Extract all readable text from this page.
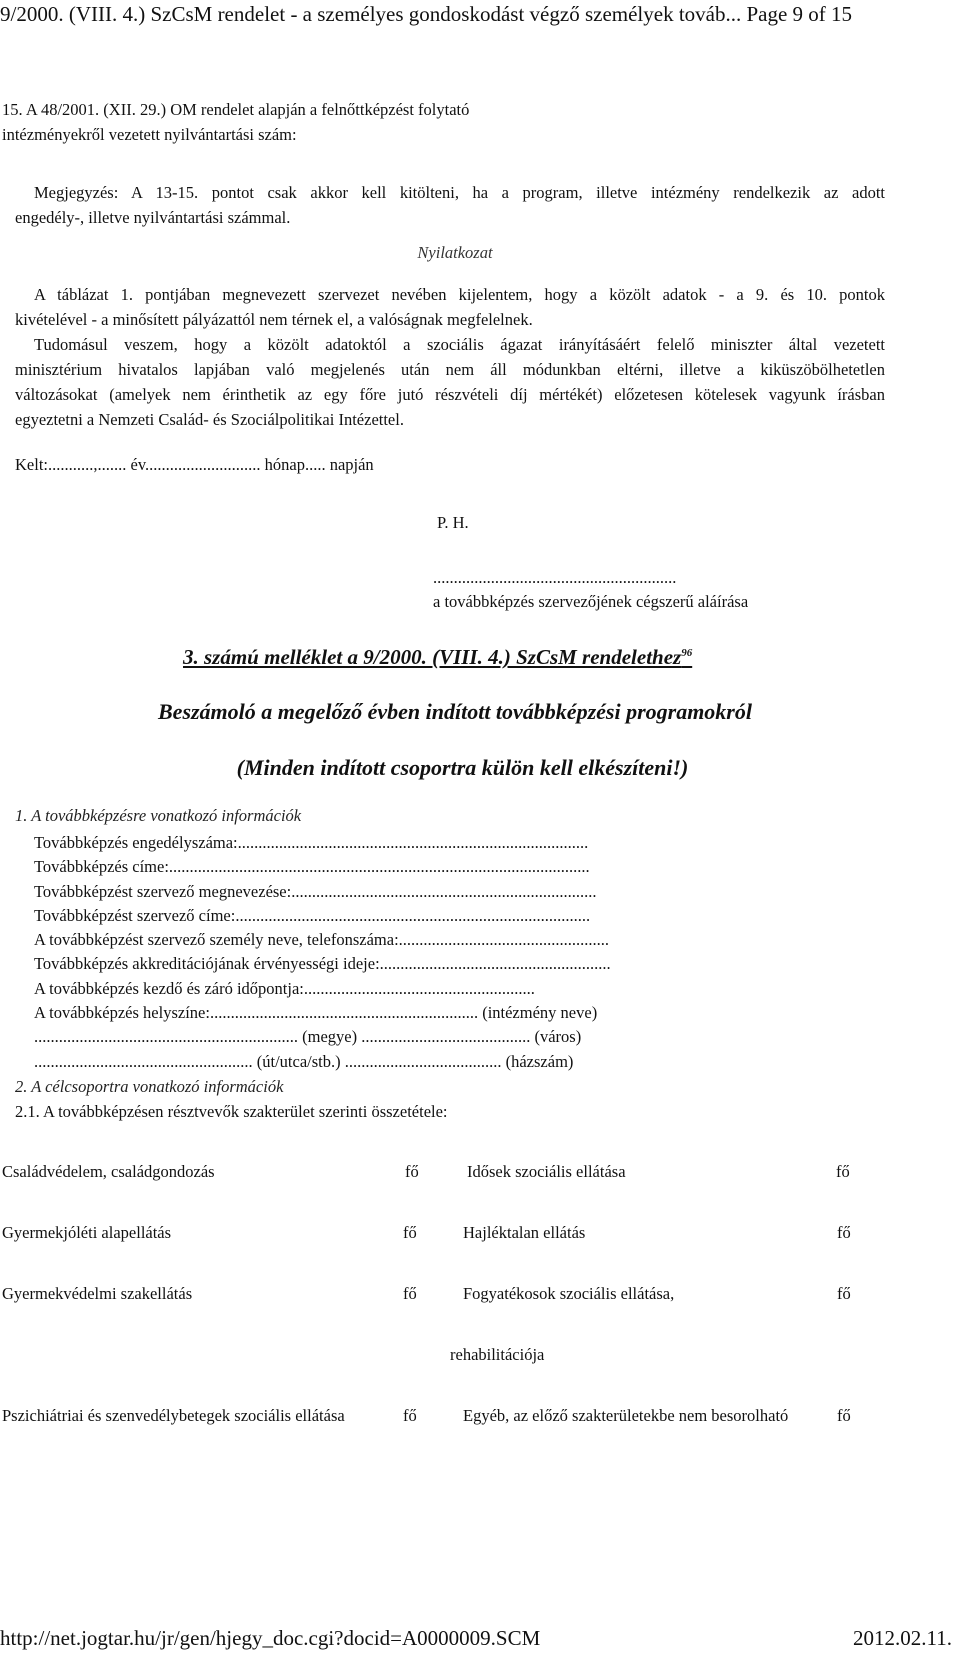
9/2000. (VIII. 4.) SzCsM rendelet - a személyes gondoskodást végző személyek továb... Page 9 of 15
15. A 48/2001. (XII. 29.) OM rendelet alapján a felnőttképzést folytató
intézményekről vezetett nyilvántartási szám:
Megjegyzés: A 13-15. pontot csak akkor kell kitölteni, ha a program, illetve intézmény rendelkezik az adott
engedély-, illetve nyilvántartási számmal.
Nyilatkozat
A táblázat 1. pontjában megnevezett szervezet nevében kijelentem, hogy a közölt adatok - a 9. és 10. pontok
kivételével - a minősített pályázattól nem térnek el, a valóságnak megfelelnek.
Tudomásul veszem, hogy a közölt adatoktól a szociális ágazat irányításáért felelő miniszter által vezetett
minisztérium hivatalos lapjában való megjelenés után nem áll módunkban eltérni, illetve a kiküszöbölhetetlen
változásokat (amelyek nem érinthetik az egy főre jutó részvételi díj mértékét) előzetesen kötelesek vagyunk írásban
egyeztetni a Nemzeti Család- és Szociálpolitikai Intézettel.
Kelt:...........,....... év............................ hónap..... napján
P. H.
...........................................................
a továbbképzés szervezőjének cégszerű aláírása
3. számú melléklet a 9/2000. (VIII. 4.) SzCsM rendelethez$^{96}$
Beszámoló a megelőző évben indított továbbképzési programokról
(Minden indított csoportra külön kell elkészíteni!)
1. A továbbképzésre vonatkozó információk
Továbbképzés engedélyszáma:.....................................................................................
Továbbképzés címe:......................................................................................................
Továbbképzést szervező megnevezése:..........................................................................
Továbbképzést szervező címe:......................................................................................
A továbbképzést szervező személy neve, telefonszáma:...................................................
Továbbképzés akkreditációjának érvényességi ideje:........................................................
A továbbképzés kezdő és záró időpontja:........................................................
A továbbképzés helyszíne:................................................................. (intézmény neve)
................................................................ (megye) ......................................... (város)
..................................................... (út/utca/stb.) ...................................... (házszám)
2. A célcsoportra vonatkozó információk
2.1. A továbbképzésen résztvevők szakterület szerinti összetétele:
Családvédelem, családgondozás	fő	Idősek szociális ellátása	fő
Gyermekjóléti alapellátás	fő	Hajléktalan ellátás	fő
Gyermekvédelmi szakellátás	fő	Fogyatékosok szociális ellátása,	fő
rehabilitációja
Pszichiátriai és szenvedélybetegek szociális ellátása	fő	Egyéb, az előző szakterületekbe nem besorolható	fő
http://net.jogtar.hu/jr/gen/hjegy_doc.cgi?docid=A0000009.SCM	2012.02.11.
